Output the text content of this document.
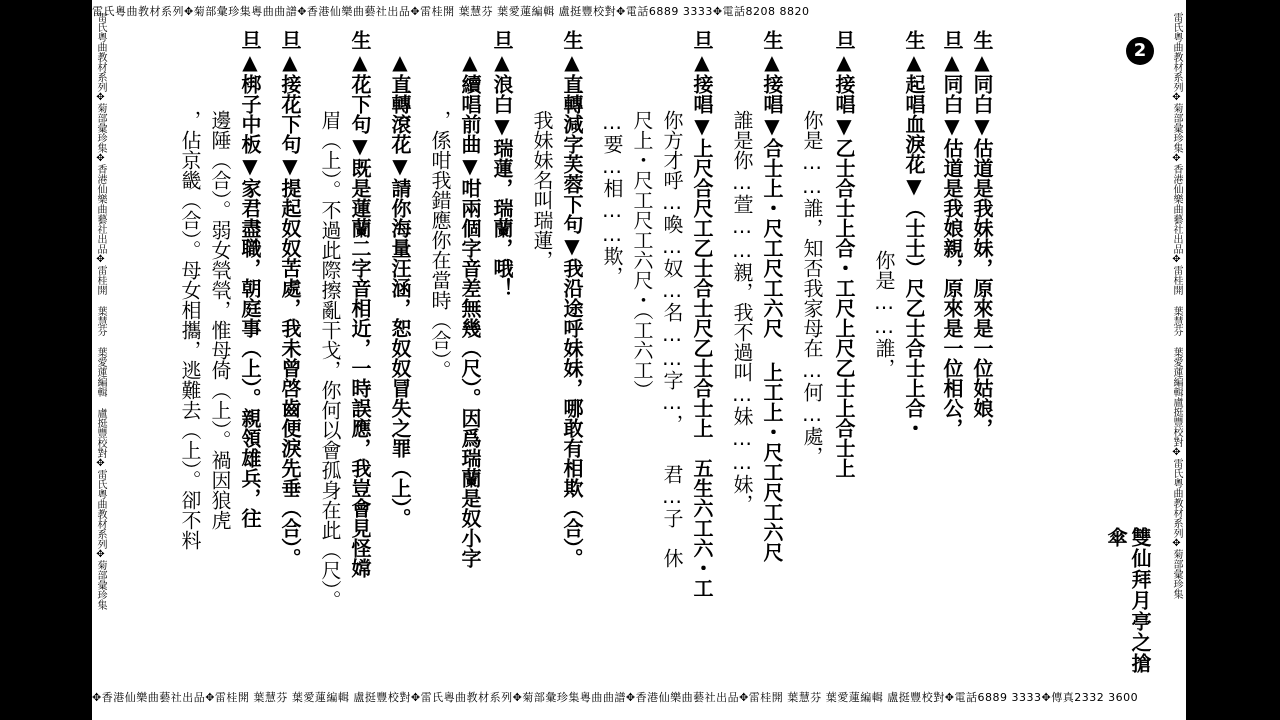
雷氏粵曲教材系列✥菊部彙珍集粵曲曲譜✥香港仙樂曲藝社出品✥雷桂開 葉慧芬 葉愛蓮編輯 盧挺豐校對✥電話6889 3333✥電話8208 8820
✥香港仙樂曲藝社出品✥雷桂開 葉慧芬 葉愛蓮編輯 盧挺豐校對✥雷氏粵曲教材系列✥菊部彙珍集粵曲曲譜✥香港仙樂曲藝社出品✥雷桂開 葉慧芬 葉愛蓮編輯 盧挺豐校對✥電話6889 3333✥傳真2332 3600
雷氏粵曲教材系列✥菊部彙珍集✥香港仙樂曲藝社出品✥雷桂開 葉慧芬 葉愛蓮編輯盧挺豐校對✥雷氏粵曲教材系列✥菊部彙珍集
雷氏粵曲教材系列✥菊部彙珍集✥香港仙樂曲藝社出品✥雷桂開 葉慧芬 葉愛蓮編輯 盧挺豐校對✥雷氏粵曲教材系列✥菊部彙珍集	2
雙仙拜月亭之搶傘
生▲同白▼估道是我妹妹，原來是一位姑娘，
旦▲同白▼估道是我娘親，原來是一位相公，
生▲起唱血淚花▼（士士）尺乙士合士上合・
　　　　　　　　　　　你是……誰，
旦▲接唱▼乙士合士上合・工尺上尺乙士上合士上
　　　　你是……誰，知否我家母在…何…處，
生▲接唱▼合士上・尺工尺工六尺 上工上・尺工尺工六尺
　　　　誰是你…萱……親，我不過叫…妹……妹，
旦▲接唱▼上尺合尺工乙士合士尺乙士合士上　五生六工六・工
　　　　你方才呼…喚…奴…名……字…，　　君…子　休
　　　　尺上・尺工尺工六尺・（工六工）
　　　　…要…相……欺，
生▲直轉減字芙蓉下句▼我沿途呼妹妹，哪敢有相欺（合）。
　　　　我妹妹名叫瑞蓮，
旦▲浪白▼瑞蓮，瑞蘭，哦！
　▲續唱前曲▼咁兩個字音差無幾（尺）。因爲瑞蘭是奴小字
　　　　，係咁我錯應你在當時（合）。
　▲直轉滾花▼請你海量汪涵，恕奴奴冒失之罪（上）。
生▲花下句▼既是蓮蘭二字音相近，一時誤應，我豈會見怪嫦
　　　　眉（上）。不過此際擦亂干戈，你何以會孤身在此（尺）。
旦▲接花下句▼提起奴奴苦處，我未曾啓齒便淚先垂（合）。
旦▲梆子中板▼家君盡職，朝庭事（上）。親領雄兵，往
　　　　邊陲（合）。弱女煢煢，惟母倚（上）。禍因狼虎
　　　　，佔京畿（合）。母女相攜，逃難去（上）。卻不料
